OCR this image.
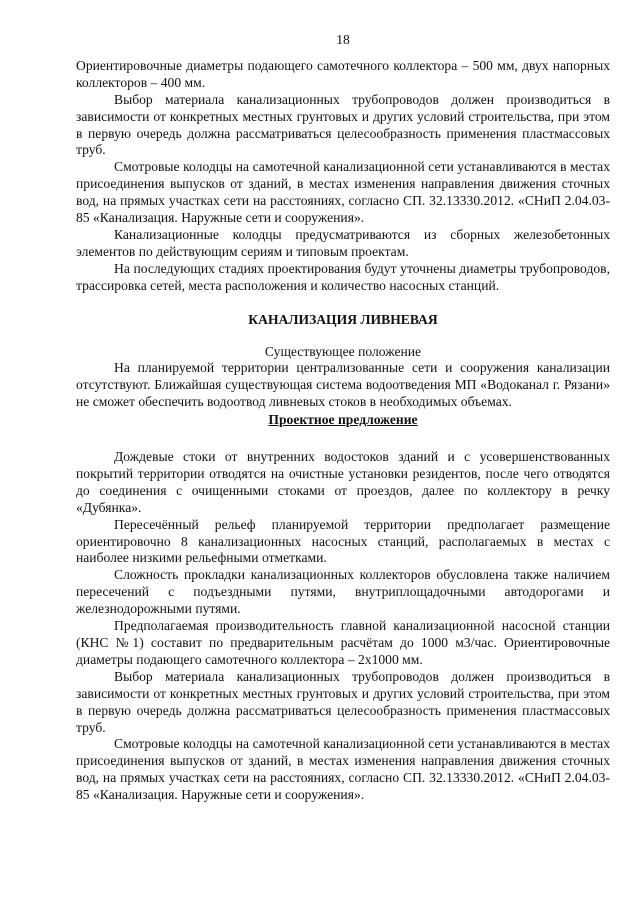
18

Ориентировочные диаметры подающего самотечного коллектора – 500 мм, двух напорных коллекторов – 400 мм.

Выбор материала канализационных трубопроводов должен производиться в зависимости от конкретных местных грунтовых и других условий строительства, при этом в первую очередь должна рассматриваться целесообразность применения пластмассовых труб.

Смотровые колодцы на самотечной канализационной сети устанавливаются в местах присоединения выпусков от зданий, в местах изменения направления движения сточных вод, на прямых участках сети на расстояниях, согласно СП. 32.13330.2012. «СНиП 2.04.03-85 «Канализация. Наружные сети и сооружения».

Канализационные колодцы предусматриваются из сборных железобетонных элементов по действующим сериям и типовым проектам.

На последующих стадиях проектирования будут уточнены диаметры трубопроводов, трассировка сетей, места расположения и количество насосных станций.

КАНАЛИЗАЦИЯ ЛИВНЕВАЯ
Существующее положение

На планируемой территории централизованные сети и сооружения канализации отсутствуют. Ближайшая существующая система водоотведения МП «Водоканал г. Рязани» не сможет обеспечить водоотвод ливневых стоков в необходимых объемах.

Проектное предложение

Дождевые стоки от внутренних водостоков зданий и с усовершенствованных покрытий территории отводятся на очистные установки резидентов, после чего отводятся до соединения с очищенными стоками от проездов, далее по коллектору в речку «Дубянка».

Пересечённый рельеф планируемой территории предполагает размещение ориентировочно 8 канализационных насосных станций, располагаемых в местах с наиболее низкими рельефными отметками.

Сложность прокладки канализационных коллекторов обусловлена также наличием пересечений с подъездными путями, внутриплощадочными автодорогами и железнодорожными путями.

Предполагаемая производительность главной канализационной насосной станции (КНС №1) составит по предварительным расчётам до 1000 м3/час. Ориентировочные диаметры подающего самотечного коллектора – 2х1000 мм.

Выбор материала канализационных трубопроводов должен производиться в зависимости от конкретных местных грунтовых и других условий строительства, при этом в первую очередь должна рассматриваться целесообразность применения пластмассовых труб.

Смотровые колодцы на самотечной канализационной сети устанавливаются в местах присоединения выпусков от зданий, в местах изменения направления движения сточных вод, на прямых участках сети на расстояниях, согласно СП. 32.13330.2012. «СНиП 2.04.03-85 «Канализация. Наружные сети и сооружения».
